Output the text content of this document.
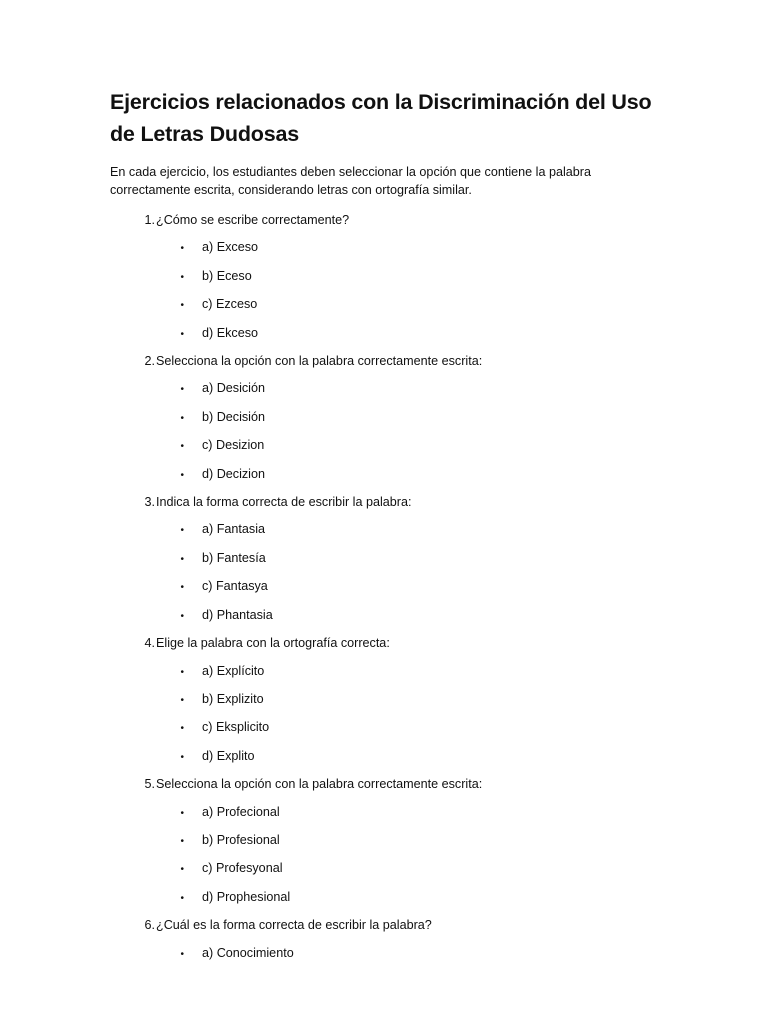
Ejercicios relacionados con la Discriminación del Uso de Letras Dudosas

En cada ejercicio, los estudiantes deben seleccionar la opción que contiene la palabra correctamente escrita, considerando letras con ortografía similar.

1. ¿Cómo se escribe correctamente?
•	a) Exceso
•	b) Eceso
•	c) Ezceso
•	d) Ekceso
2. Selecciona la opción con la palabra correctamente escrita:
•	a) Desición
•	b) Decisión
•	c) Desizion
•	d) Decizion
3. Indica la forma correcta de escribir la palabra:
•	a) Fantasia
•	b) Fantesía
•	c) Fantasya
•	d) Phantasia
4. Elige la palabra con la ortografía correcta:
•	a) Explícito
•	b) Explizito
•	c) Eksplicito
•	d) Explito
5. Selecciona la opción con la palabra correctamente escrita:
•	a) Profecional
•	b) Profesional
•	c) Profesyonal
•	d) Prophesional
6. ¿Cuál es la forma correcta de escribir la palabra?
•	a) Conocimiento
